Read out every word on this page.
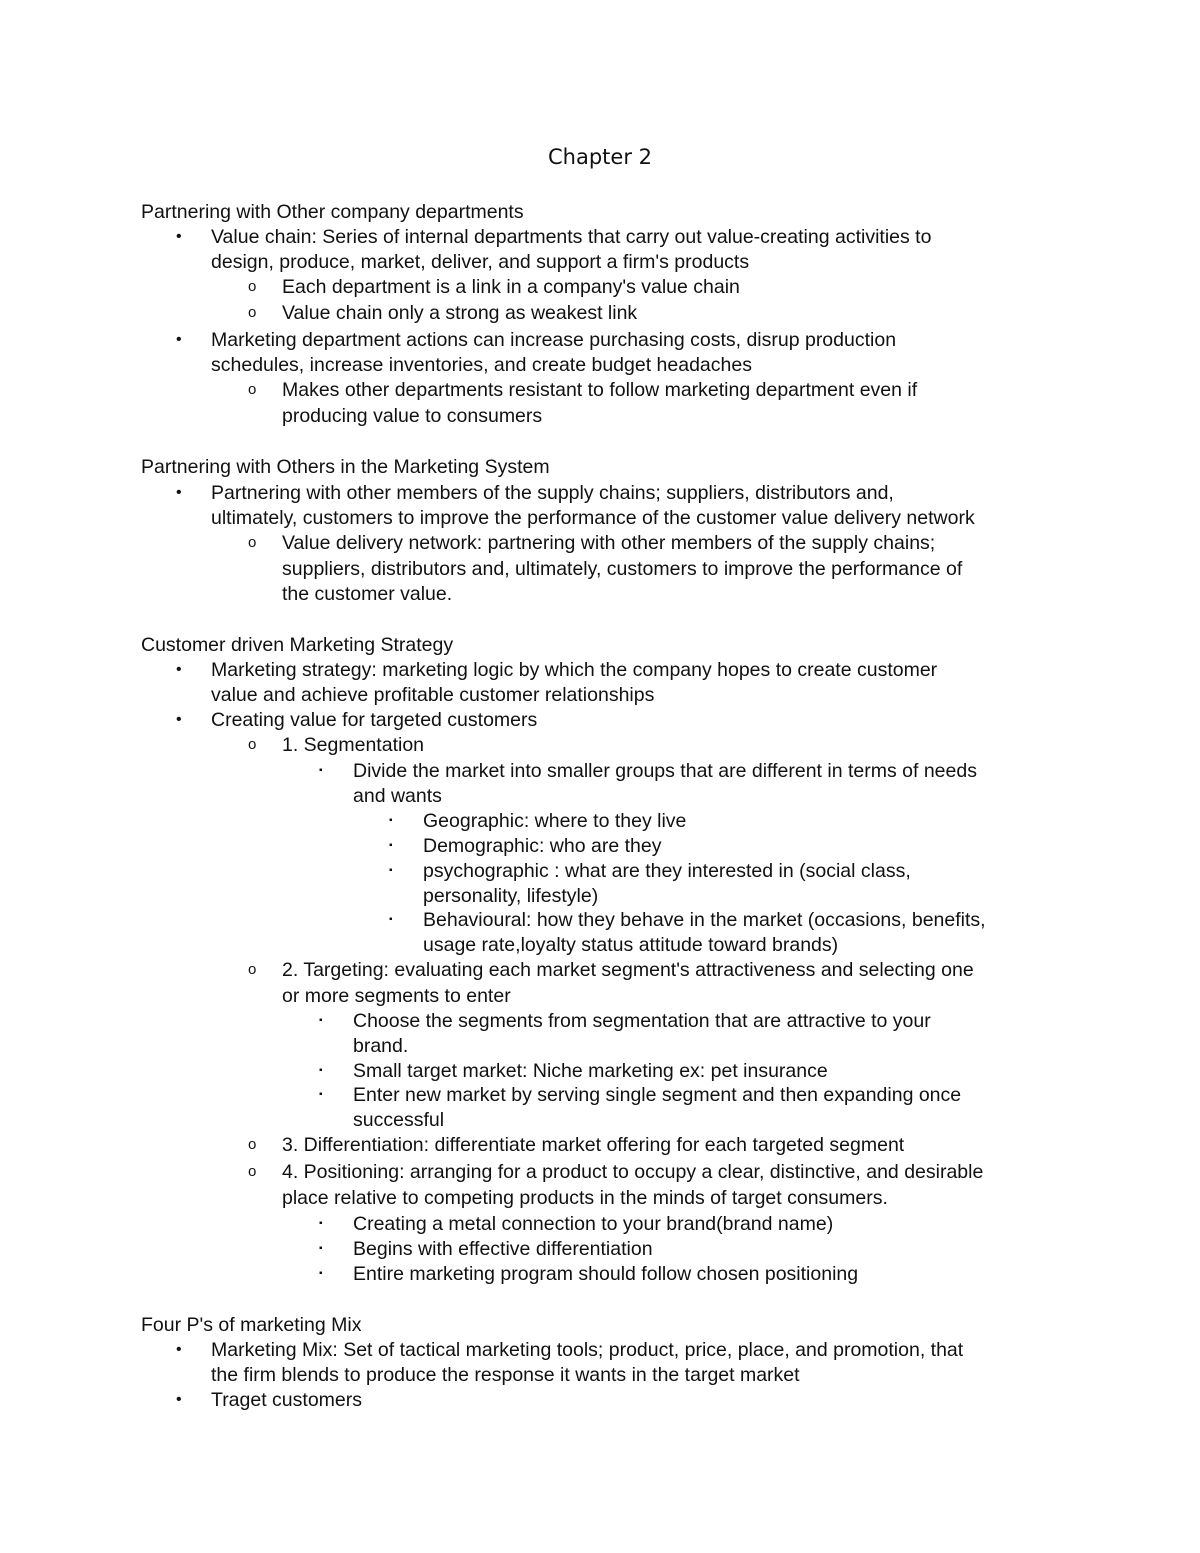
Chapter 2
Partnering with Other company departments
• Value chain: Series of internal departments that carry out value-creating activities to
design, produce, market, deliver, and support a firm's products
o Each department is a link in a company's value chain
o Value chain only a strong as weakest link
• Marketing department actions can increase purchasing costs, disrup production
schedules, increase inventories, and create budget headaches
o Makes other departments resistant to follow marketing department even if
producing value to consumers
Partnering with Others in the Marketing System
• Partnering with other members of the supply chains; suppliers, distributors and,
ultimately, customers to improve the performance of the customer value delivery network
o Value delivery network: partnering with other members of the supply chains;
suppliers, distributors and, ultimately, customers to improve the performance of
the customer value.
Customer driven Marketing Strategy
• Marketing strategy: marketing logic by which the company hopes to create customer
value and achieve profitable customer relationships
• Creating value for targeted customers
o 1. Segmentation
▪ Divide the market into smaller groups that are different in terms of needs
and wants
▪ Geographic: where to they live
▪ Demographic: who are they
▪ psychographic : what are they interested in (social class,
personality, lifestyle)
▪ Behavioural: how they behave in the market (occasions, benefits,
usage rate,loyalty status attitude toward brands)
o 2. Targeting: evaluating each market segment's attractiveness and selecting one
or more segments to enter
▪ Choose the segments from segmentation that are attractive to your
brand.
▪ Small target market: Niche marketing ex: pet insurance
▪ Enter new market by serving single segment and then expanding once
successful
o 3. Differentiation: differentiate market offering for each targeted segment
o 4. Positioning: arranging for a product to occupy a clear, distinctive, and desirable
place relative to competing products in the minds of target consumers.
▪ Creating a metal connection to your brand(brand name)
▪ Begins with effective differentiation
▪ Entire marketing program should follow chosen positioning
Four P's of marketing Mix
• Marketing Mix: Set of tactical marketing tools; product, price, place, and promotion, that
the firm blends to produce the response it wants in the target market
• Traget customers
